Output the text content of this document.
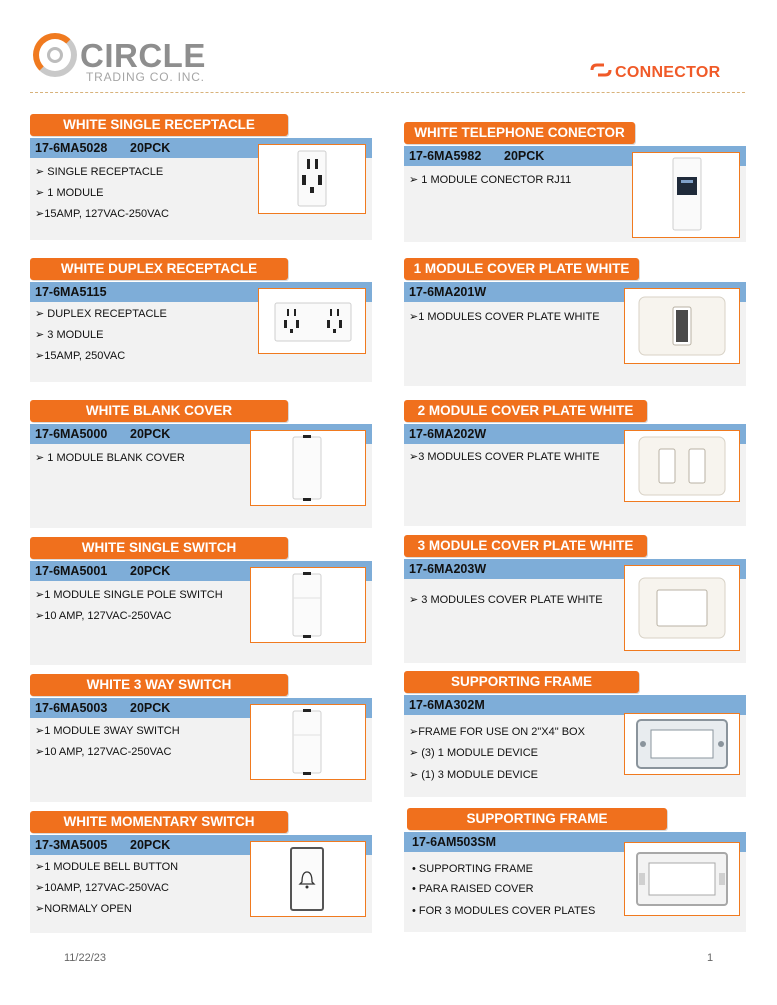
CIRCLE
TRADING CO. INC.	CONNECTOR
WHITE SINGLE RECEPTACLE
17-6MA5028 20PCK
➢ SINGLE RECEPTACLE
➢ 1 MODULE
➢15AMP, 127VAC-250VAC
WHITE TELEPHONE CONECTOR
17-6MA5982 20PCK
➢ 1 MODULE CONECTOR RJ11
WHITE DUPLEX RECEPTACLE
17-6MA5115
➢ DUPLEX RECEPTACLE
➢ 3 MODULE
➢15AMP, 250VAC
1 MODULE COVER PLATE WHITE
17-6MA201W
➢1 MODULES COVER PLATE WHITE
WHITE BLANK COVER
17-6MA5000 20PCK
➢ 1 MODULE BLANK COVER
2 MODULE COVER PLATE WHITE
17-6MA202W
➢3 MODULES COVER PLATE WHITE
WHITE SINGLE SWITCH
17-6MA5001 20PCK
➢1 MODULE SINGLE POLE SWITCH
➢10 AMP, 127VAC-250VAC
3 MODULE COVER PLATE WHITE
17-6MA203W
➢ 3 MODULES COVER PLATE WHITE
WHITE 3 WAY SWITCH
17-6MA5003 20PCK
➢1 MODULE 3WAY SWITCH
➢10 AMP, 127VAC-250VAC
SUPPORTING FRAME
17-6MA302M
➢FRAME FOR USE ON 2"X4" BOX
➢ (3) 1 MODULE DEVICE
➢ (1) 3 MODULE DEVICE
WHITE MOMENTARY SWITCH
17-3MA5005 20PCK
➢1 MODULE BELL BUTTON
➢10AMP, 127VAC-250VAC
➢NORMALY OPEN
SUPPORTING FRAME
17-6AM503SM
• SUPPORTING FRAME
• PARA RAISED COVER
• FOR 3 MODULES COVER PLATES
11/22/23	1
